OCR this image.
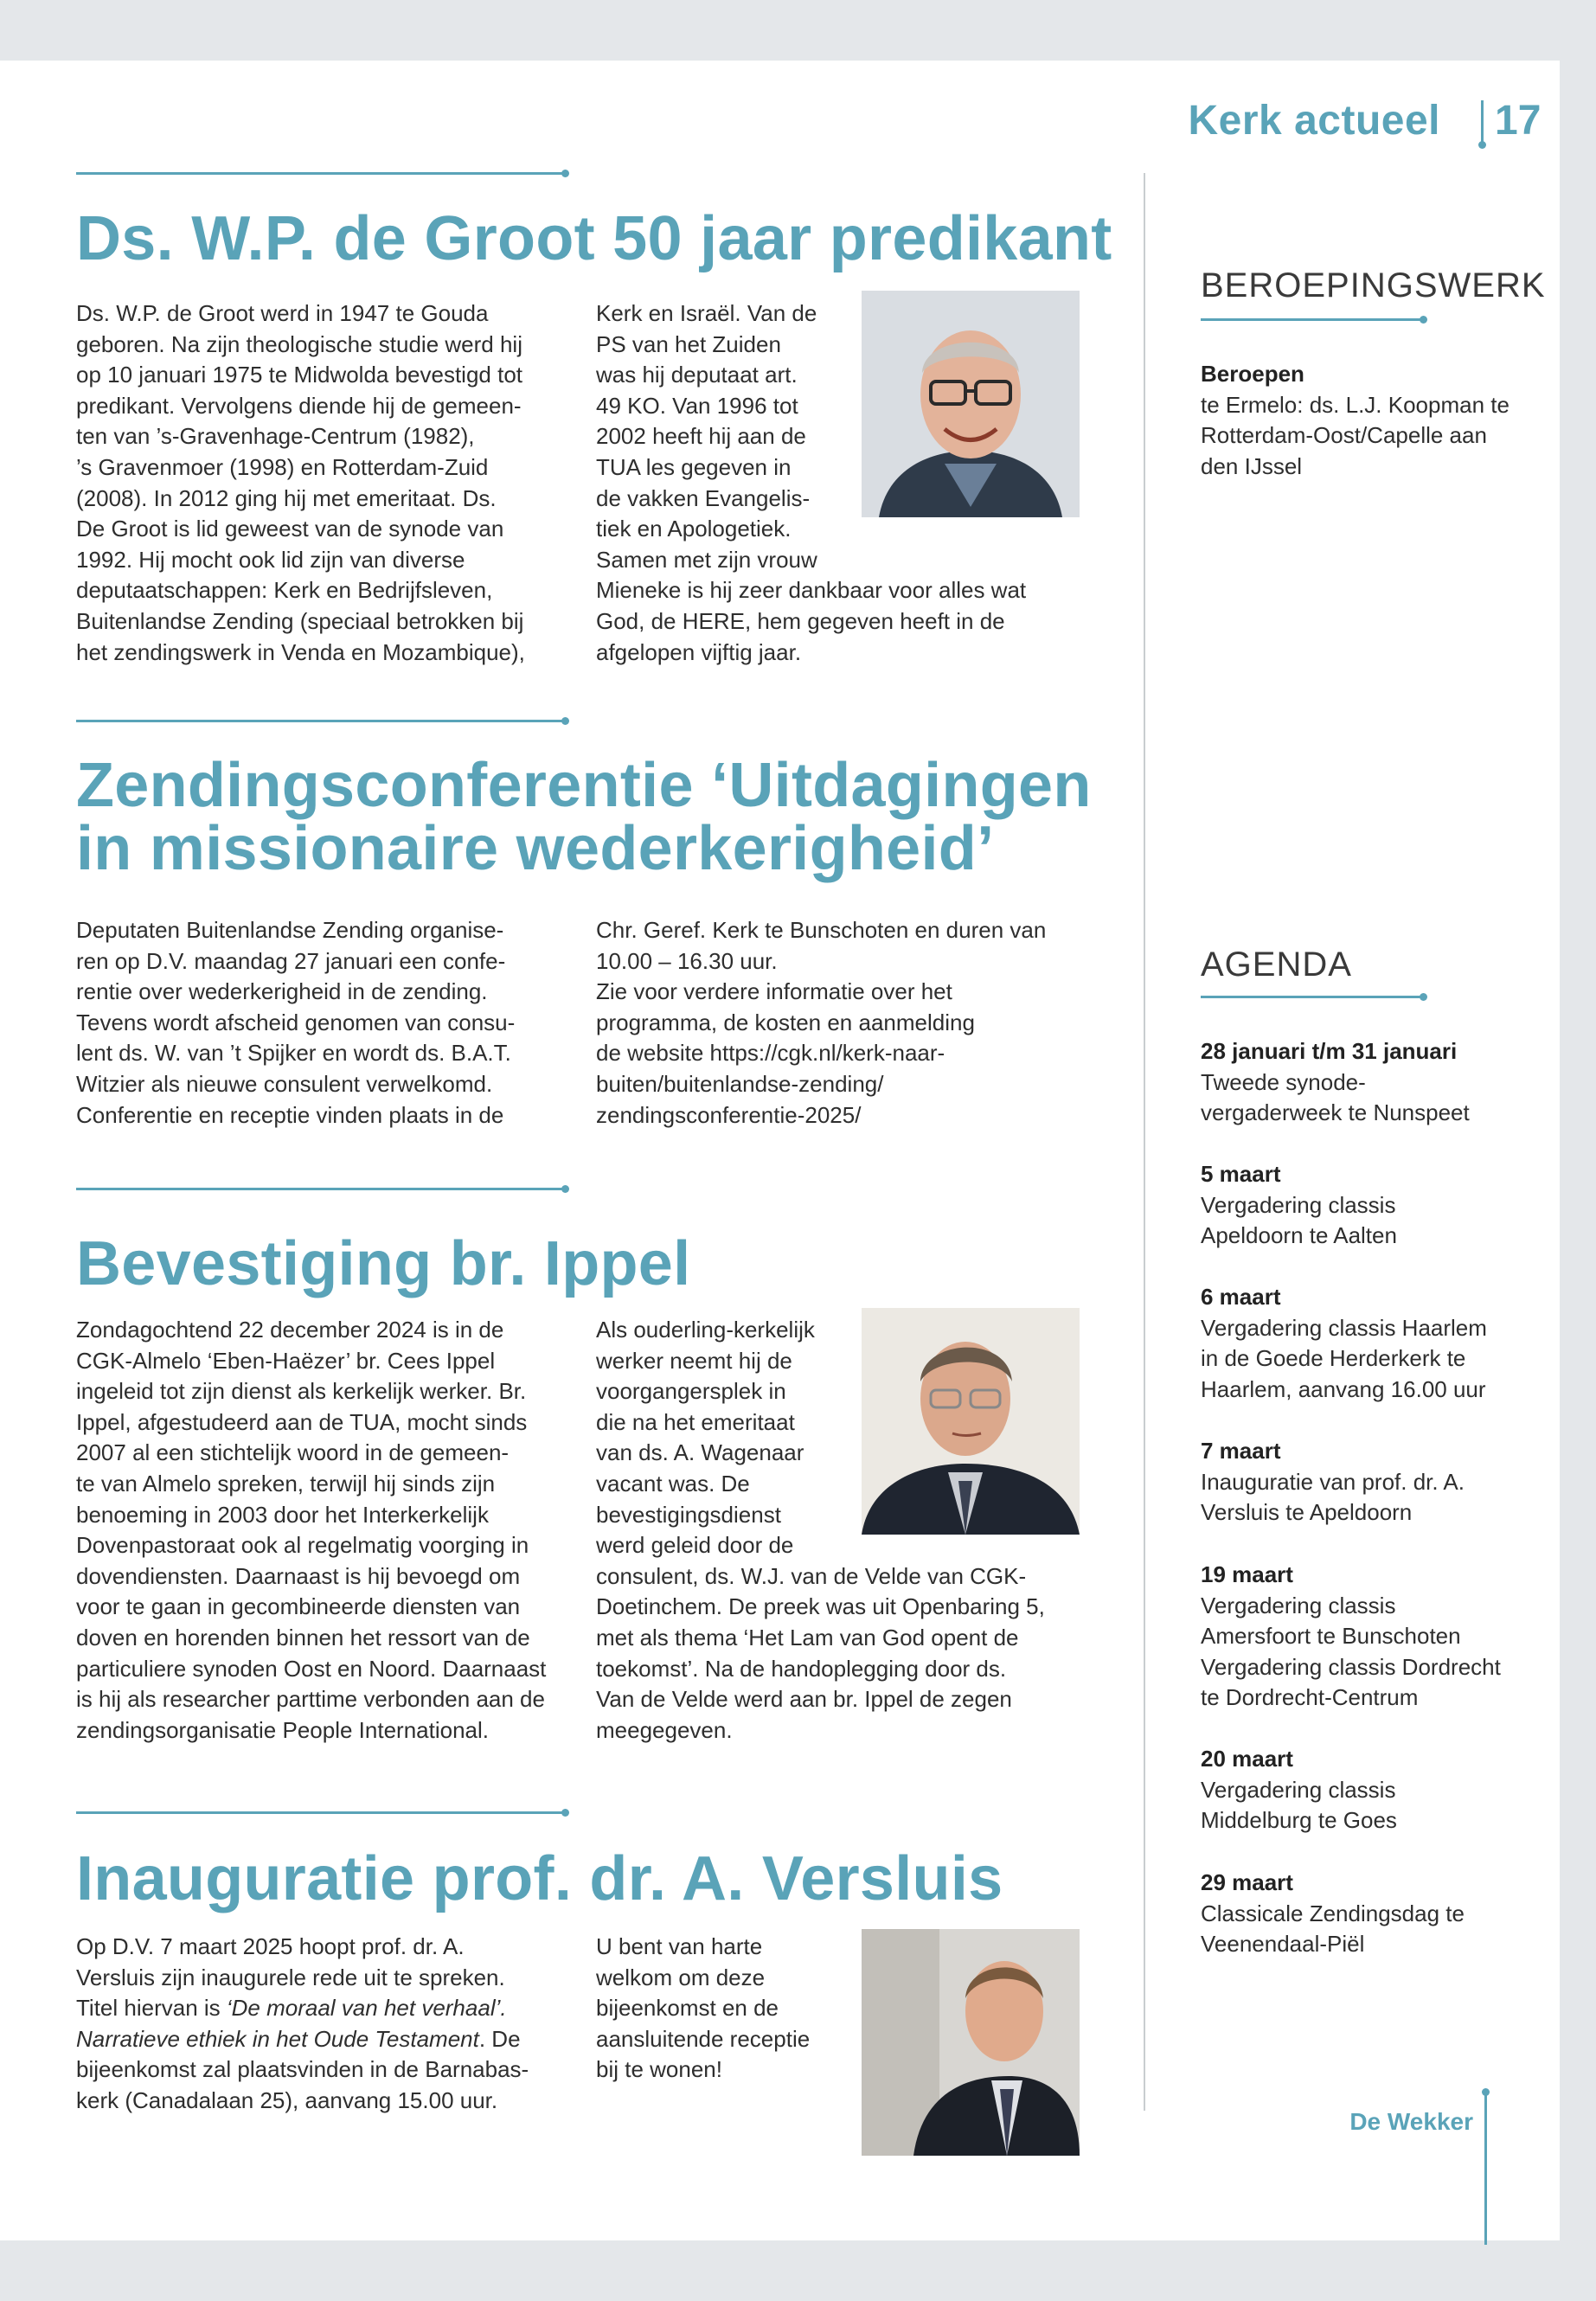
Kerk actueel 17
Ds. W.P. de Groot 50 jaar predikant

Ds. W.P. de Groot werd in 1947 te Gouda

geboren. Na zijn theologische studie werd hij

op 10 januari 1975 te Midwolda bevestigd tot

predikant. Vervolgens diende hij de gemeen-

ten van ’s-Gravenhage-Centrum (1982),

’s Gravenmoer (1998) en Rotterdam-Zuid

(2008). In 2012 ging hij met emeritaat. Ds.

De Groot is lid geweest van de synode van

1992. Hij mocht ook lid zijn van diverse

deputaatschappen: Kerk en Bedrijfsleven,

Buitenlandse Zending (speciaal betrokken bij

het zendingswerk in Venda en Mozambique),

Kerk en Israël. Van de

PS van het Zuiden

was hij deputaat art.

49 KO. Van 1996 tot

2002 heeft hij aan de

TUA les gegeven in

de vakken Evangelis-

tiek en Apologetiek.

Samen met zijn vrouw

Mieneke is hij zeer dankbaar voor alles wat

God, de HERE, hem gegeven heeft in de

afgelopen vijftig jaar.

Zendingsconferentie ‘Uitdagingen
in missionaire wederkerigheid’

Deputaten Buitenlandse Zending organise-

ren op D.V. maandag 27 januari een confe-

rentie over wederkerigheid in de zending.

Tevens wordt afscheid genomen van consu-

lent ds. W. van ’t Spijker en wordt ds. B.A.T.

Witzier als nieuwe consulent verwelkomd.

Conferentie en receptie vinden plaats in de

Chr. Geref. Kerk te Bunschoten en duren van

10.00 – 16.30 uur.

Zie voor verdere informatie over het

programma, de kosten en aanmelding

de website https://cgk.nl/kerk-naar-

buiten/buitenlandse-zending/

zendingsconferentie-2025/

Bevestiging br. Ippel

Zondagochtend 22 december 2024 is in de

CGK-Almelo ‘Eben-Haëzer’ br. Cees Ippel

ingeleid tot zijn dienst als kerkelijk werker. Br.

Ippel, afgestudeerd aan de TUA, mocht sinds

2007 al een stichtelijk woord in de gemeen-

te van Almelo spreken, terwijl hij sinds zijn

benoeming in 2003 door het Interkerkelijk

Dovenpastoraat ook al regelmatig voorging in

dovendiensten. Daarnaast is hij bevoegd om

voor te gaan in gecombineerde diensten van

doven en horenden binnen het ressort van de

particuliere synoden Oost en Noord. Daarnaast

is hij als researcher parttime verbonden aan de

zendingsorganisatie People International.

Als ouderling-kerkelijk

werker neemt hij de

voorgangersplek in

die na het emeritaat

van ds. A. Wagenaar

vacant was. De

bevestigingsdienst

werd geleid door de

consulent, ds. W.J. van de Velde van CGK-

Doetinchem. De preek was uit Openbaring 5,

met als thema ‘Het Lam van God opent de

toekomst’. Na de handoplegging door ds.

Van de Velde werd aan br. Ippel de zegen

meegegeven.

Inauguratie prof. dr. A. Versluis

Op D.V. 7 maart 2025 hoopt prof. dr. A.

Versluis zijn inaugurele rede uit te spreken.

Titel hiervan is ‘De moraal van het verhaal’.

Narratieve ethiek in het Oude Testament. De

bijeenkomst zal plaatsvinden in de Barnabas-

kerk (Canadalaan 25), aanvang 15.00 uur.

U bent van harte

welkom om deze

bijeenkomst en de

aansluitende receptie

bij te wonen!

BEROEPINGSWERK
Beroepen
te Ermelo: ds. L.J. Koopman te
Rotterdam-Oost/Capelle aan
den IJssel
AGENDA
28 januari t/m 31 januari
Tweede synode-
vergaderweek te Nunspeet
5 maart
Vergadering classis
Apeldoorn te Aalten
6 maart
Vergadering classis Haarlem
in de Goede Herderkerk te
Haarlem, aanvang 16.00 uur
7 maart
Inauguratie van prof. dr. A.
Versluis te Apeldoorn
19 maart
Vergadering classis
Amersfoort te Bunschoten
Vergadering classis Dordrecht
te Dordrecht-Centrum
20 maart
Vergadering classis
Middelburg te Goes
29 maart
Classicale Zendingsdag te
Veenendaal-Piël
De Wekker
